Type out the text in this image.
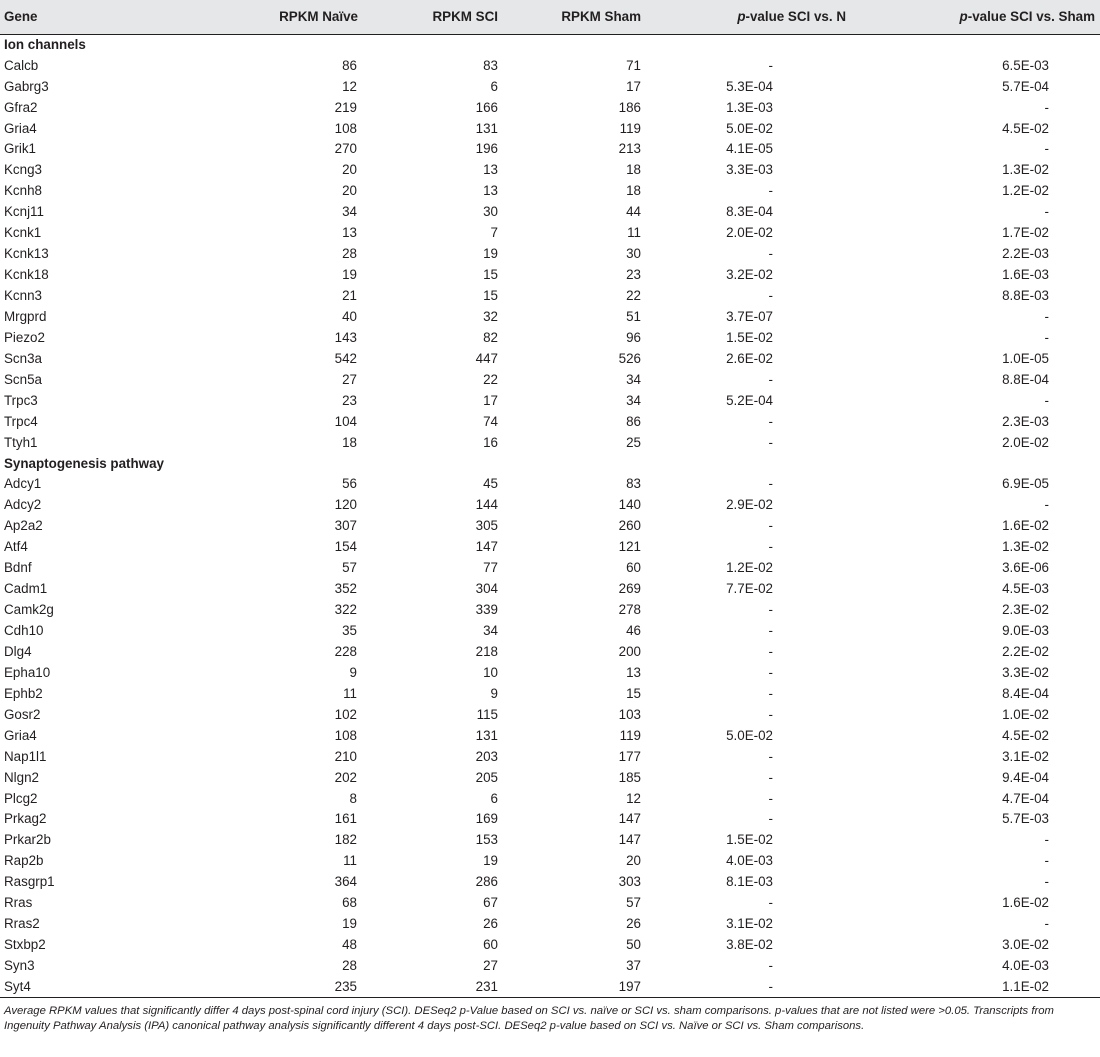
Gene	RPKM Naïve	RPKM SCI	RPKM Sham	p-value SCI vs. N	p-value SCI vs. Sham
Ion channels					
Calcb	86	83	71	-	6.5E-03
Gabrg3	12	6	17	5.3E-04	5.7E-04
Gfra2	219	166	186	1.3E-03	-
Gria4	108	131	119	5.0E-02	4.5E-02
Grik1	270	196	213	4.1E-05	-
Kcng3	20	13	18	3.3E-03	1.3E-02
Kcnh8	20	13	18	-	1.2E-02
Kcnj11	34	30	44	8.3E-04	-
Kcnk1	13	7	11	2.0E-02	1.7E-02
Kcnk13	28	19	30	-	2.2E-03
Kcnk18	19	15	23	3.2E-02	1.6E-03
Kcnn3	21	15	22	-	8.8E-03
Mrgprd	40	32	51	3.7E-07	-
Piezo2	143	82	96	1.5E-02	-
Scn3a	542	447	526	2.6E-02	1.0E-05
Scn5a	27	22	34	-	8.8E-04
Trpc3	23	17	34	5.2E-04	-
Trpc4	104	74	86	-	2.3E-03
Ttyh1	18	16	25	-	2.0E-02
Synaptogenesis pathway					
Adcy1	56	45	83	-	6.9E-05
Adcy2	120	144	140	2.9E-02	-
Ap2a2	307	305	260	-	1.6E-02
Atf4	154	147	121	-	1.3E-02
Bdnf	57	77	60	1.2E-02	3.6E-06
Cadm1	352	304	269	7.7E-02	4.5E-03
Camk2g	322	339	278	-	2.3E-02
Cdh10	35	34	46	-	9.0E-03
Dlg4	228	218	200	-	2.2E-02
Epha10	9	10	13	-	3.3E-02
Ephb2	11	9	15	-	8.4E-04
Gosr2	102	115	103	-	1.0E-02
Gria4	108	131	119	5.0E-02	4.5E-02
Nap1l1	210	203	177	-	3.1E-02
Nlgn2	202	205	185	-	9.4E-04
Plcg2	8	6	12	-	4.7E-04
Prkag2	161	169	147	-	5.7E-03
Prkar2b	182	153	147	1.5E-02	-
Rap2b	11	19	20	4.0E-03	-
Rasgrp1	364	286	303	8.1E-03	-
Rras	68	67	57	-	1.6E-02
Rras2	19	26	26	3.1E-02	-
Stxbp2	48	60	50	3.8E-02	3.0E-02
Syn3	28	27	37	-	4.0E-03
Syt4	235	231	197	-	1.1E-02
Average RPKM values that significantly differ 4 days post-spinal cord injury (SCI). DESeq2 p-Value based on SCI vs. naïve or SCI vs. sham comparisons. p-values that are not listed were >0.05. Transcripts from Ingenuity Pathway Analysis (IPA) canonical pathway analysis significantly different 4 days post-SCI. DESeq2 p-value based on SCI vs. Naïve or SCI vs. Sham comparisons.
